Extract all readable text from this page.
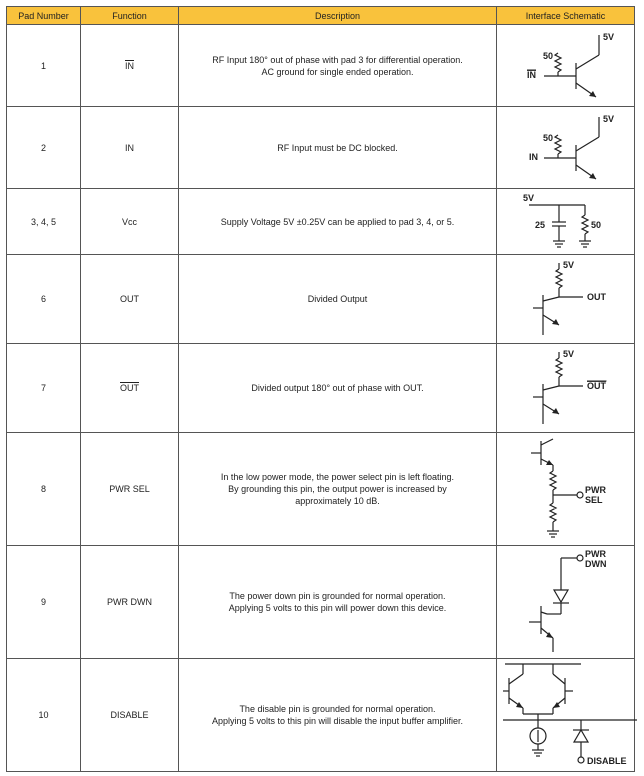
Pad Number	Function	Description	Interface Schematic
1	$\overline{IN}$	RF Input 180° out of phase with pad 3 for differential operation.
AC ground for single ended operation.	5V
50
IN

2	IN	RF Input must be DC blocked.	5V
50
IN

3, 4, 5	Vcc	Supply Voltage 5V ±0.25V can be applied to pad 3, 4, or 5.	5V
25 50

6	OUT	Divided Output	5V
OUT

7	$\overline{OUT}$	Divided output 180° out of phase with OUT.	5V
OUT

8	PWR SEL	In the low power mode, the power select pin is left floating.
By grounding this pin, the output power is increased by
approximately 10 dB.	PWR
SEL

9	PWR DWN	The power down pin is grounded for normal operation.
Applying 5 volts to this pin will power down this device.	PWR
DWN

10	DISABLE	The disable pin is grounded for normal operation.
Applying 5 volts to this pin will disable the input buffer amplifier.	DISABLE
